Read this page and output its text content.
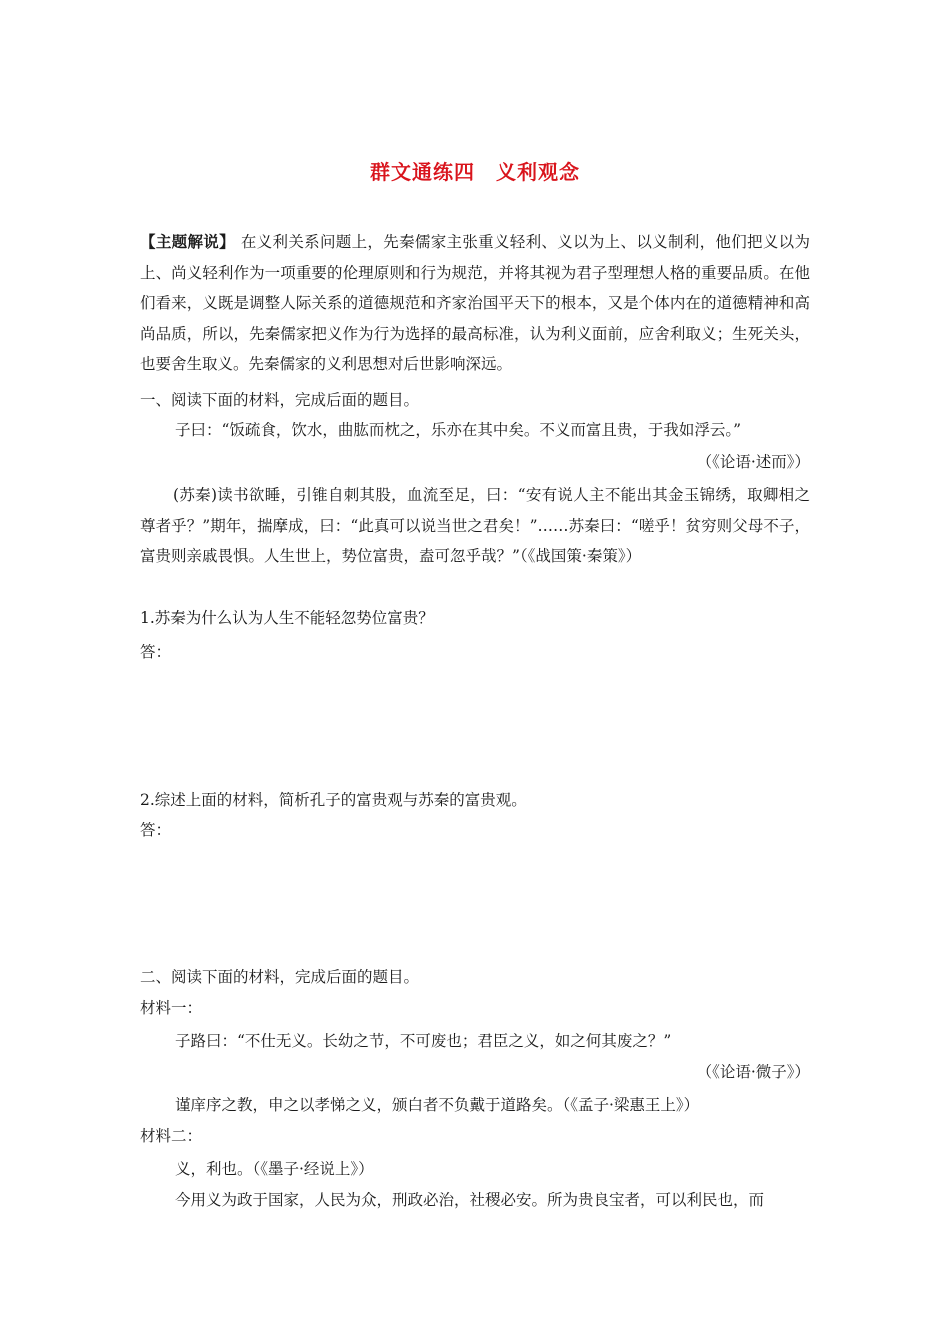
群文通练四　义利观念
【主题解说】 在义利关系问题上，先秦儒家主张重义轻利、义以为上、以义制利，他们把义以为上、尚义轻利作为一项重要的伦理原则和行为规范，并将其视为君子型理想人格的重要品质。在他们看来，义既是调整人际关系的道德规范和齐家治国平天下的根本，又是个体内在的道德精神和高尚品质，所以，先秦儒家把义作为行为选择的最高标准，认为利义面前，应舍利取义；生死关头，也要舍生取义。先秦儒家的义利思想对后世影响深远。
一、阅读下面的材料，完成后面的题目。
子曰：“饭疏食，饮水，曲肱而枕之，乐亦在其中矣。不义而富且贵，于我如浮云。”
（《论语·述而》）
(苏秦)读书欲睡，引锥自刺其股，血流至足，曰：“安有说人主不能出其金玉锦绣，取卿相之尊者乎？”期年，揣摩成，曰：“此真可以说当世之君矣！”……苏秦曰：“嗟乎！贫穷则父母不子，富贵则亲戚畏惧。人生世上，势位富贵，盍可忽乎哉？”（《战国策·秦策》）
1.苏秦为什么认为人生不能轻忽势位富贵？
答：
2.综述上面的材料，简析孔子的富贵观与苏秦的富贵观。
答：
二、阅读下面的材料，完成后面的题目。
材料一：
子路曰：“不仕无义。长幼之节，不可废也；君臣之义，如之何其废之？”
（《论语·微子》）
谨庠序之教，申之以孝悌之义，颁白者不负戴于道路矣。（《孟子·梁惠王上》）
材料二：
义，利也。（《墨子·经说上》）
今用义为政于国家，人民为众，刑政必治，社稷必安。所为贵良宝者，可以利民也，而
